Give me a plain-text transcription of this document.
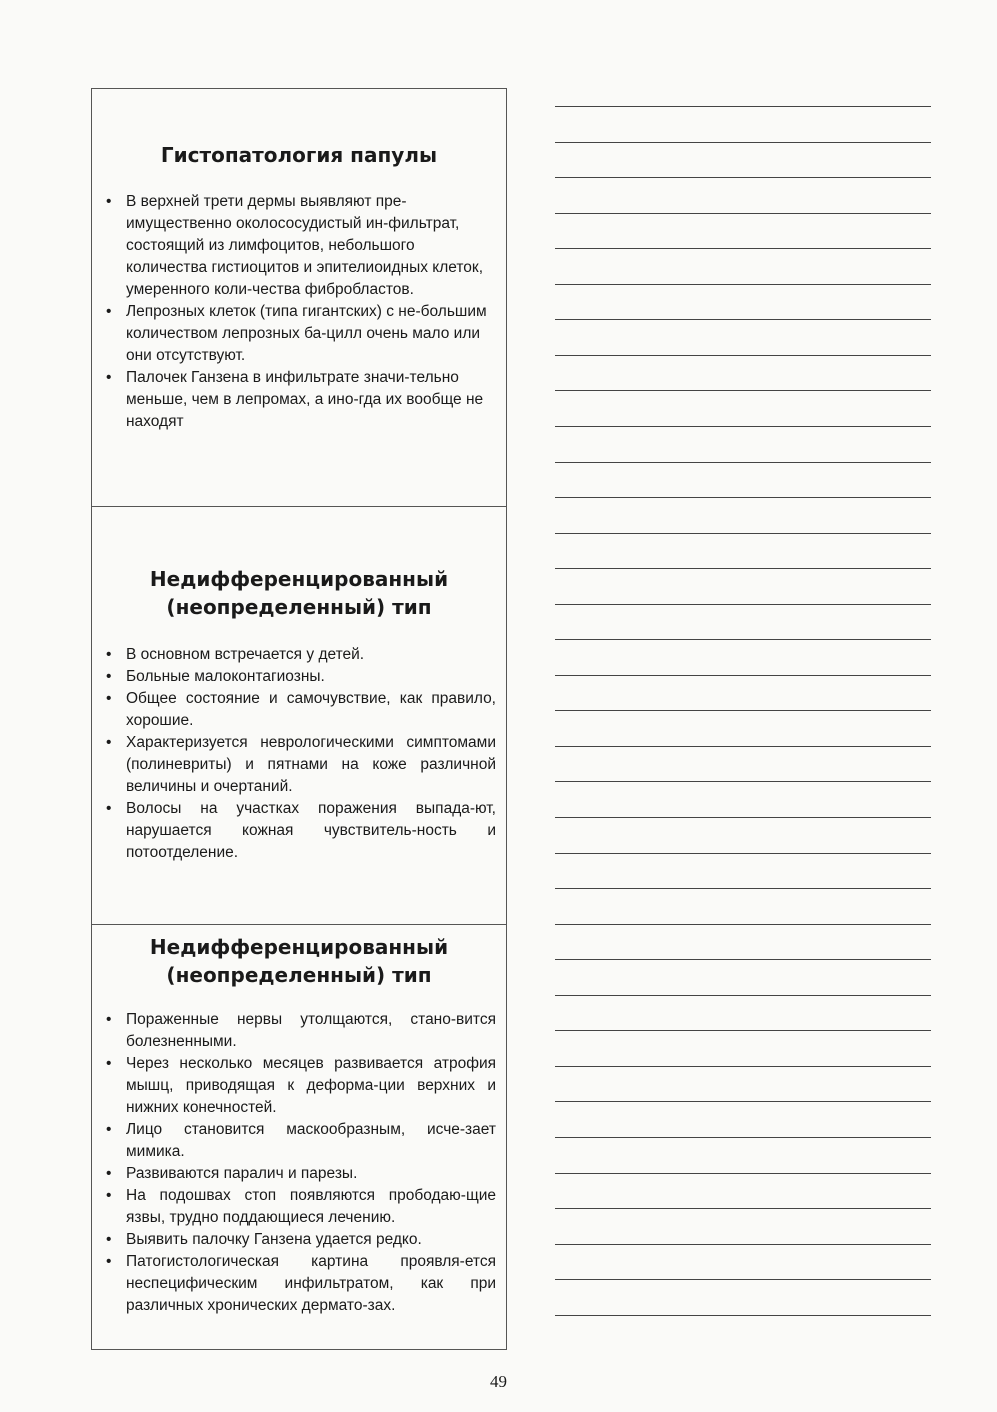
Гистопатология папулы
• В верхней трети дермы выявляют пре-имущественно околососудистый ин-фильтрат, состоящий из лимфоцитов, небольшого количества гистиоцитов и эпителиоидных клеток, умеренного коли-чества фибробластов.
• Лепрозных клеток (типа гигантских) с не-большим количеством лепрозных ба-цилл очень мало или они отсутствуют.
• Палочек Ганзена в инфильтрате значи-тельно меньше, чем в лепромах, а ино-гда их вообще не находят
Недифференцированный (неопределенный) тип
• В основном встречается у детей.
• Больные малоконтагиозны.
• Общее состояние и самочувствие, как правило, хорошие.
• Характеризуется неврологическими симптомами (полиневриты) и пятнами на коже различной величины и очертаний.
• Волосы на участках поражения выпада-ют, нарушается кожная чувствитель-ность и потоотделение.
Недифференцированный (неопределенный) тип
• Пораженные нервы утолщаются, стано-вится болезненными.
• Через несколько месяцев развивается атрофия мышц, приводящая к деформа-ции верхних и нижних конечностей.
• Лицо становится маскообразным, исче-зает мимика.
• Развиваются паралич и парезы.
• На подошвах стоп появляются прободаю-щие язвы, трудно поддающиеся лечению.
• Выявить палочку Ганзена удается редко.
• Патогистологическая картина проявля-ется неспецифическим инфильтратом, как при различных хронических дермато-зах.
49
